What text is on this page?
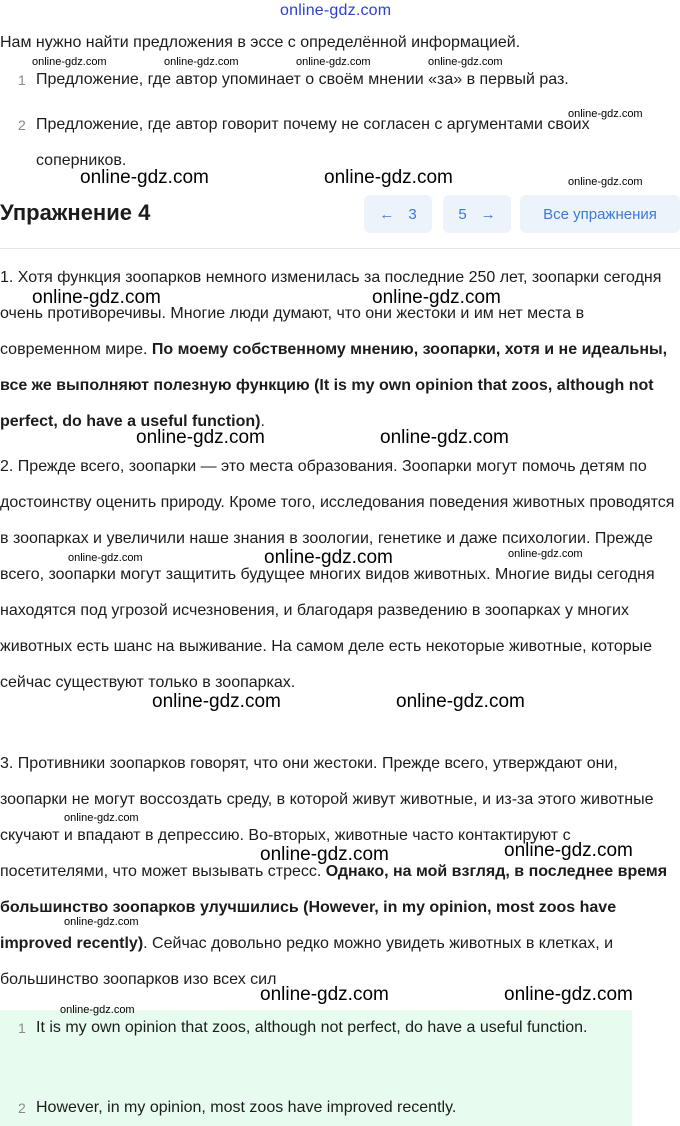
online-gdz.com
Нам нужно найти предложения в эссе с определённой информацией.
1 Предложение, где автор упоминает о своём мнении «за» в первый раз.
2 Предложение, где автор говорит почему не согласен с аргументами своих соперников.
Упражнение 4	← 3	5 →	Все упражнения

1. Хотя функция зоопарков немного изменилась за последние 250 лет, зоопарки сегодня очень противоречивы. Многие люди думают, что они жестоки и им нет места в современном мире. По моему собственному мнению, зоопарки, хотя и не идеальны, все же выполняют полезную функцию (It is my own opinion that zoos, although not perfect, do have a useful function).

2. Прежде всего, зоопарки — это места образования. Зоопарки могут помочь детям по достоинству оценить природу. Кроме того, исследования поведения животных проводятся в зоопарках и увеличили наше знания в зоологии, генетике и даже психологии. Прежде всего, зоопарки могут защитить будущее многих видов животных. Многие виды сегодня находятся под угрозой исчезновения, и благодаря разведению в зоопарках у многих животных есть шанс на выживание. На самом деле есть некоторые животные, которые сейчас существуют только в зоопарках.

3. Противники зоопарков говорят, что они жестоки. Прежде всего, утверждают они, зоопарки не могут воссоздать среду, в которой живут животные, и из-за этого животные скучают и впадают в депрессию. Во-вторых, животные часто контактируют с посетителями, что может вызывать стресс. Однако, на мой взгляд, в последнее время большинство зоопарков улучшились (However, in my opinion, most zoos have improved recently). Сейчас довольно редко можно увидеть животных в клетках, и большинство зоопарков изо всех сил

1 It is my own opinion that zoos, although not perfect, do have a useful function.
2 However, in my opinion, most zoos have improved recently.
online-gdz.com	online-gdz.com	online-gdz.com	online-gdz.com
online-gdz.com
online-gdz.com	online-gdz.com	online-gdz.com
online-gdz.com	online-gdz.com
online-gdz.com	online-gdz.com
online-gdz.com	online-gdz.com	online-gdz.com
online-gdz.com	online-gdz.com
online-gdz.com
online-gdz.com	online-gdz.com
online-gdz.com
online-gdz.com	online-gdz.com
online-gdz.com
